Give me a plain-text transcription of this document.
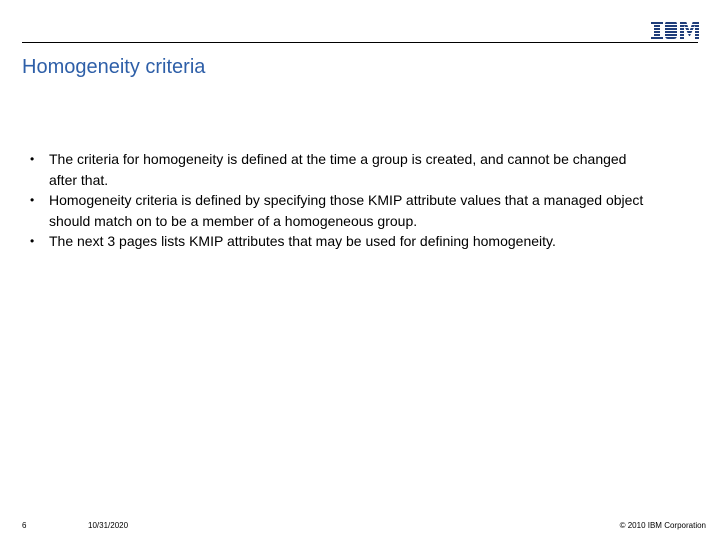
Homogeneity criteria
•	The criteria for homogeneity is defined at the time a group is created, and cannot be changed after that.
•	Homogeneity criteria is defined by specifying those KMIP attribute values that a managed object should match on to be a member of a homogeneous group.
•	The next 3 pages lists KMIP attributes that may be used for defining homogeneity.
6	10/31/2020	© 2010 IBM Corporation
